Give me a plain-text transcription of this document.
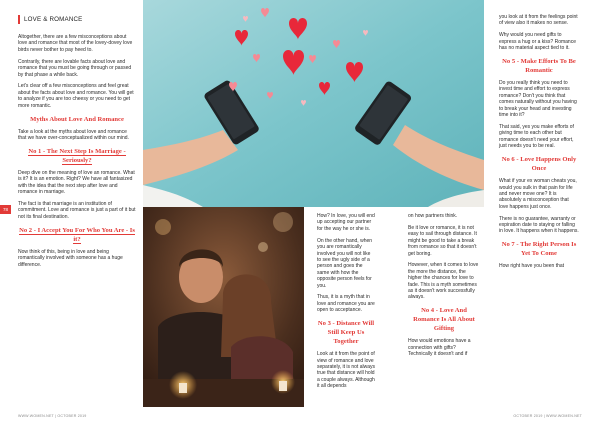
LOVE & ROMANCE
78

Altogether, there are a few misconceptions about love and romance that most of the lovey-dovey love birds never bother to pay heed to.

Contrarily, there are lovable facts about love and romance that you must be going through or passed by that phase a while back.

Let's clear off a few misconceptions and feel great about the facts about love and romance. You will get to analyze if you are too cheesy or you need to get more romantic.

Myths About Love And Romance

Take a look at the myths about love and romance that we have over-conceptualized within our mind.

No 1 - The Next Step Is Marriage - Seriously?

Deep dive on the meaning of love an romance. What is it? It is an emotion. Right? We have all fantasized with the idea that the next step after love and romance in marriage.

The fact is that marriage is an institution of commitment. Love and romance is just a part of it but not its final destination.

No 2 - I Accept You For Who You Are - Is it?

Now think of this, being in love and being romantically involved with someone has a huge difference.

How? In love, you will end up accepting our partner for the way he or she is.

On the other hand, when you are romantically involved you will not like to see the ugly side of a person and goes the same with how the opposite person feels for you.

Thus, it is a myth that in love and romance you are open to acceptance.

No 3 - Distance Will Still Keep Us Together

Look at it from the point of view of romance and love separately, it is not always true that distance will hold a couple always. Although it all depends

on how partners think.

Be it love or romance, it is not easy to sail through distance. It might be good to take a break from romance so that it doesn't get boring.

However, when it comes to love the more the distance, the higher the chances for love to fade. This is a myth sometimes as it doesn't work successfully always.

No 4 - Love And Romance Is All About Gifting

How would emotions have a connection with gifts? Technically it doesn't and if

you look at it from the feelings point of view also it makes no sense.

Why would you need gifts to express a hug or a kiss? Romance has no material aspect tied to it.

No 5 - Make Efforts To Be Romantic

Do you really think you need to invest time and effort to express romance? Don't you think that comes naturally without you having to break your head and investing time into it?

That said, yes you make efforts of giving time to each other but romance doesn't need your effort, just needs you to be real.

No 6 - Love Happens Only Once

What if your ex woman cheats you, would you sulk in that pain for life and never move one? It is absolutely a misconception that love happens just once.

There is no guarantee, warranty or expiration date to staying or falling in love. It happens when it happens.

No 7 - The Right Person Is Yet To Come

How right have you been that

WWW.WOMEN.NET | OCTOBER 2019	OCTOBER 2019 | WWW.WOMEN.NET
